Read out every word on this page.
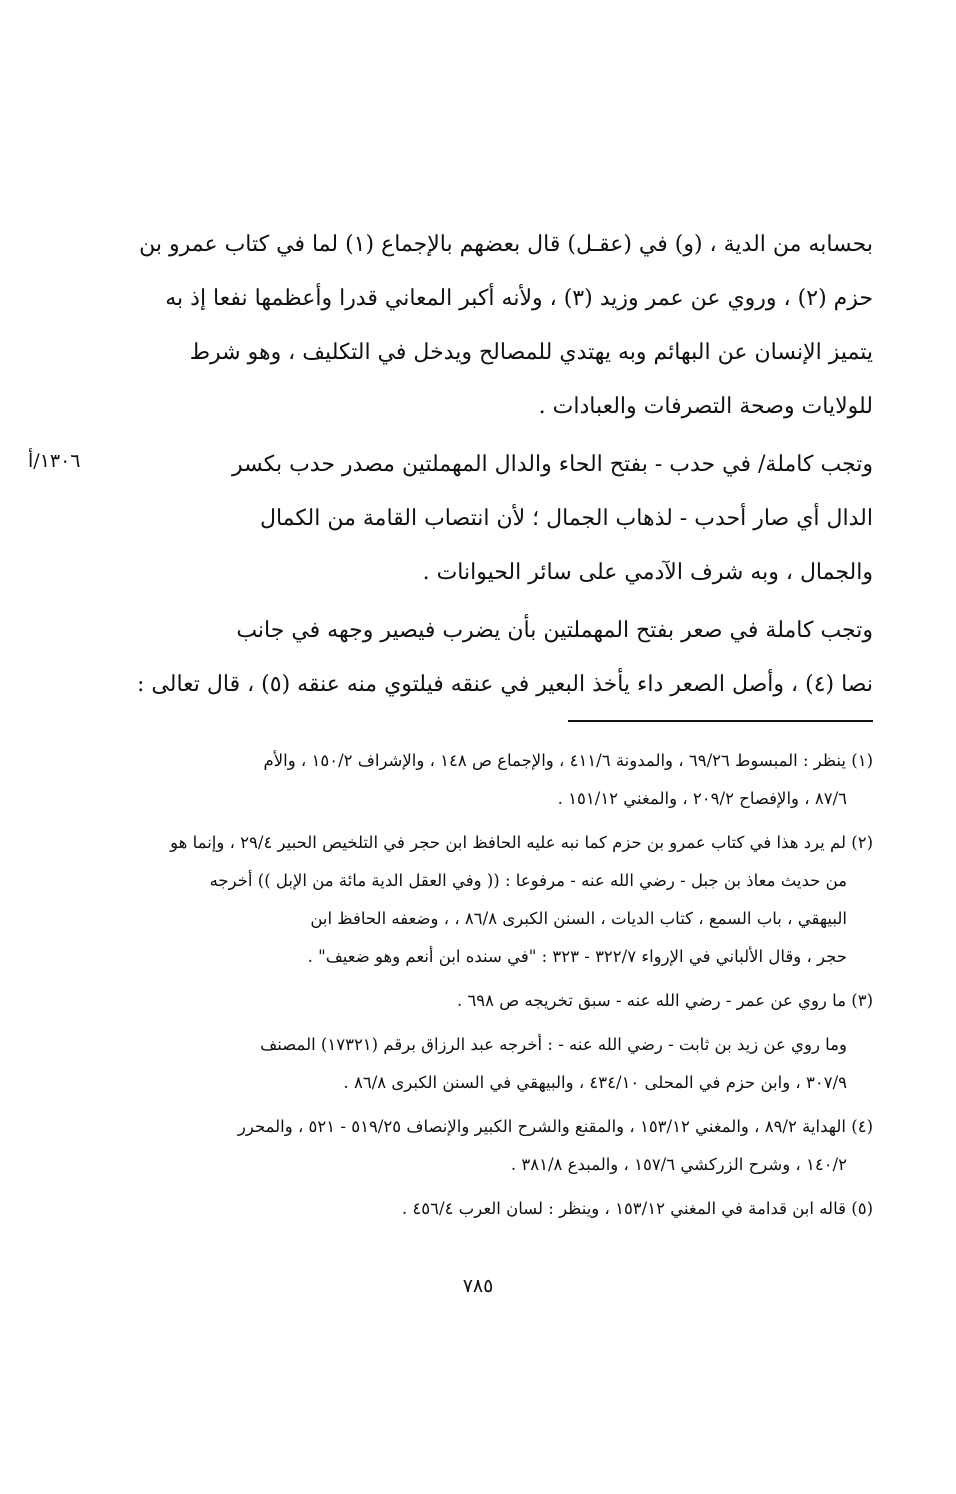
بحسابه من الدية ، (و) في (عقـل) قال بعضهم بالإجماع (١) لما في كتاب عمرو بن
حزم (٢) ، وروي عن عمر وزيد (٣) ، ولأنه أكبر المعاني قدرا وأعظمها نفعا إذ به
يتميز الإنسان عن البهائم وبه يهتدي للمصالح ويدخل في التكليف ، وهو شرط
للولايات وصحة التصرفات والعبادات .
١٣٠٦/أ	وتجب كاملة/ في حدب - بفتح الحاء والدال المهملتين مصدر حدب بكسر
الدال أي صار أحدب - لذهاب الجمال ؛ لأن انتصاب القامة من الكمال
والجمال ، وبه شرف الآدمي على سائر الحيوانات .
وتجب كاملة في صعر بفتح المهملتين بأن يضرب فيصير وجهه في جانب
نصا (٤) ، وأصل الصعر داء يأخذ البعير في عنقه فيلتوي منه عنقه (٥) ، قال تعالى :
(١) ينظر : المبسوط ٦٩/٢٦ ، والمدونة ٤١١/٦ ، والإجماع ص ١٤٨ ، والإشراف ١٥٠/٢ ، والأم
٨٧/٦ ، والإفصاح ٢٠٩/٢ ، والمغني ١٥١/١٢ .
(٢) لم يرد هذا في كتاب عمرو بن حزم كما نبه عليه الحافظ ابن حجر في التلخيص الحبير ٢٩/٤ ، وإنما هو
من حديث معاذ بن جبل - رضي الله عنه - مرفوعا : (( وفي العقل الدية مائة من الإبل )) أخرجه
البيهقي ، باب السمع ، كتاب الديات ، السنن الكبرى ٨٦/٨ ، ، وضعفه الحافظ ابن
حجر ، وقال الألباني في الإرواء ٣٢٢/٧ - ٣٢٣ : "في سنده ابن أنعم وهو ضعيف" .
(٣) ما روي عن عمر - رضي الله عنه - سبق تخريجه ص ٦٩٨ .
وما روي عن زيد بن ثابت - رضي الله عنه - : أخرجه عبد الرزاق برقم (١٧٣٢١) المصنف
٣٠٧/٩ ، وابن حزم في المحلى ٤٣٤/١٠ ، والبيهقي في السنن الكبرى ٨٦/٨ .
(٤) الهداية ٨٩/٢ ، والمغني ١٥٣/١٢ ، والمقنع والشرح الكبير والإنصاف ٥١٩/٢٥ - ٥٢١ ، والمحرر
١٤٠/٢ ، وشرح الزركشي ١٥٧/٦ ، والمبدع ٣٨١/٨ .
(٥) قاله ابن قدامة في المغني ١٥٣/١٢ ، وينظر : لسان العرب ٤٥٦/٤ .
٧٨٥
